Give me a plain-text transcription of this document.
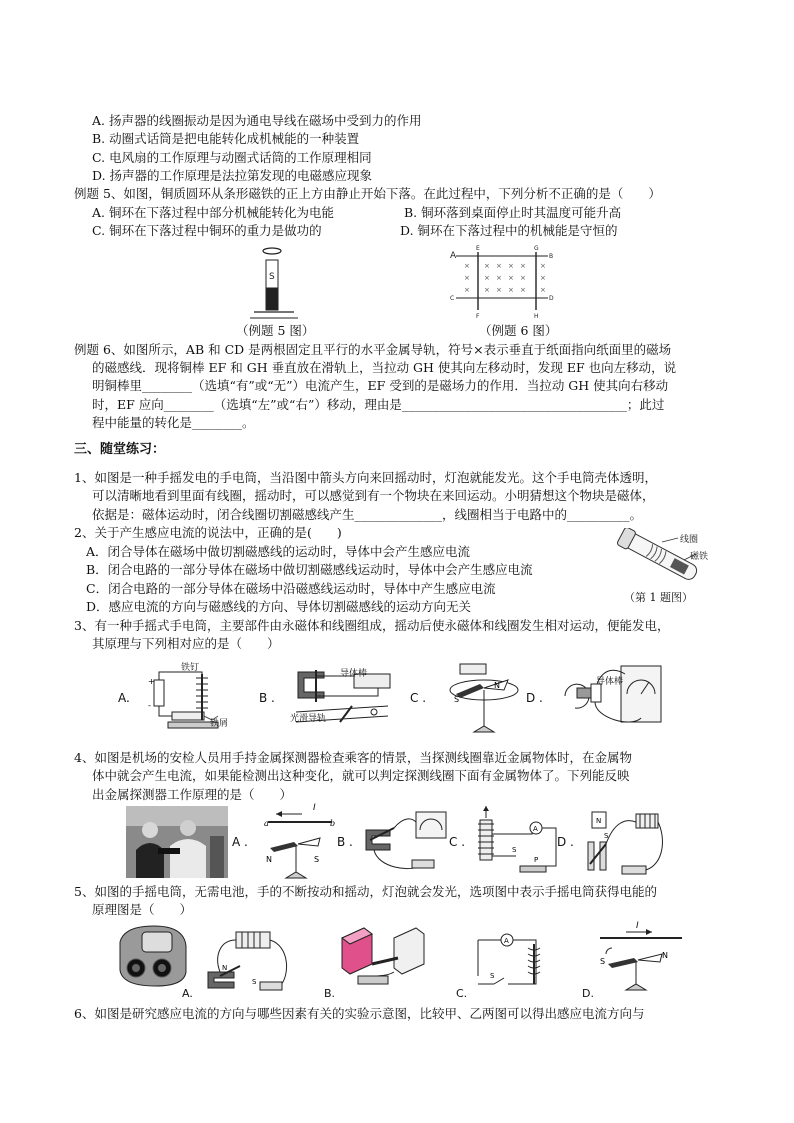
A. 扬声器的线圈振动是因为通电导线在磁场中受到力的作用
B. 动圈式话筒是把电能转化成机械能的一种装置
C. 电风扇的工作原理与动圈式话筒的工作原理相同
D. 扬声器的工作原理是法拉第发现的电磁感应现象
例题 5、如图，铜质圆环从条形磁铁的正上方由静止开始下落。在此过程中，下列分析不正确的是（　　）
A. 铜环在下落过程中部分机械能转化为电能	B. 铜环落到桌面停止时其温度可能升高
C. 铜环在下落过程中铜环的重力是做功的	D. 铜环在下落过程中的机械能是守恒的
S
（例题 5 图）
A
C
B
D
E	G
F	H
× × × × × ×
× × × × × ×
× × × × × ×
（例题 6 图）
例题 6、如图所示，AB 和 CD 是两根固定且平行的水平金属导轨，符号×表示垂直于纸面指向纸面里的磁场
的磁感线．现将铜棒 EF 和 GH 垂直放在滑轨上，当拉动 GH 使其向左移动时，发现 EF 也向左移动，说
明铜棒里________（选填“有”或“无”）电流产生，EF 受到的是磁场力的作用．当拉动 GH 使其向右移动
时，EF 应向________（选填“左”或“右”）移动，理由是____________________________________；此过
程中能量的转化是________。
三、随堂练习：
1、如图是一种手摇发电的手电筒，当沿图中箭头方向来回摇动时，灯泡就能发光。这个手电筒壳体透明，
可以清晰地看到里面有线圈，摇动时，可以感觉到有一个物块在来回运动。小明猜想这个物块是磁体，
依据是：磁体运动时，闭合线圈切割磁感线产生______________，线圈相当于电路中的__________。
2、关于产生感应电流的说法中，正确的是(　　)
A．闭合导体在磁场中做切割磁感线的运动时，导体中会产生感应电流
B．闭合电路的一部分导体在磁场中做切割磁感线运动时，导体中会产生感应电流
C．闭合电路的一部分导体在磁场中沿磁感线运动时，导体中产生感应电流
D．感应电流的方向与磁感线的方向、导体切割磁感线的运动方向无关
线圈
磁铁
（第 1 题图）
3、有一种手摇式手电筒，主要部件由永磁体和线圈组成，摇动后使永磁体和线圈发生相对运动，便能发电，
其原理与下列相对应的是（　　）
A.
+
-
铁钉
铁屑
B .
导体棒
光滑导轨
C .	S
N
D .
导体棒
4、如图是机场的安检人员用手持金属探测器检查乘客的情景，当探测线圈靠近金属物体时，在金属物
体中就会产生电流，如果能检测出这种变化，就可以判定探测线圈下面有金属物体了。下列能反映
出金属探测器工作原理的是（　　）
A .
a	b
N	S
I
B .	C .
A
S
P
D .
N
S
5、如图的手摇电筒，无需电池，手的不断按动和摇动，灯泡就会发光，选项图中表示手摇电筒获得电能的
原理图是（　　）
N
S
A.	B.
A
S
C.
S
N
I
D.
6、如图是研究感应电流的方向与哪些因素有关的实验示意图，比较甲、乙两图可以得出感应电流方向与
